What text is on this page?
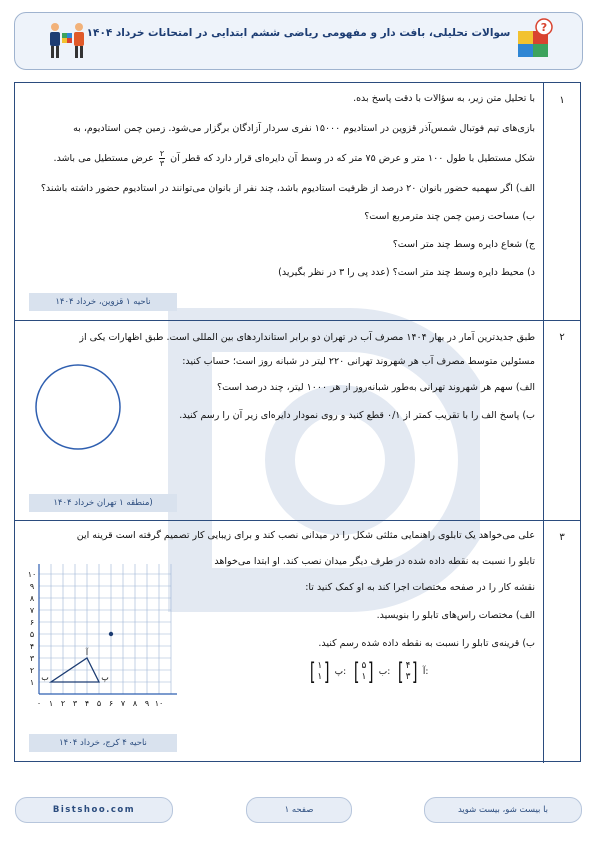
سوالات تحلیلی، بافت دار و مفهومی ریاضی ششم ابتدایی در امتحانات خرداد ۱۴۰۴	?
۱
با تحلیل متن زیر، به سؤالات با دقت پاسخ بده.
بازی‌های تیم فوتبال شمس‌آذر قزوین در استادیوم ۱۵۰۰۰ نفری سردار آزادگان برگزار می‌شود. زمین چمن استادیوم، به
شکل مستطیل با طول ۱۰۰ متر و عرض ۷۵ متر که در وسط آن دایره‌ای قرار دارد که قطر آن
$\frac{۲}{۳}$
عرض مستطیل می باشد.
الف) اگر سهمیه حضور بانوان ۲۰ درصد از ظرفیت استادیوم باشد، چند نفر از بانوان می‌توانند در استادیوم حضور داشته باشند؟
ب) مساحت زمین چمن چند مترمربع است؟
ج) شعاع دایره وسط چند متر است؟
د) محیط دایره وسط چند متر است؟ (عدد پی را ۳ در نظر بگیرید)
ناحیه ۱ قزوین، خرداد ۱۴۰۴
۲
طبق جدیدترین آمار در بهار ۱۴۰۴ مصرف آب در تهران دو برابر استانداردهای بین المللی است. طبق اظهارات یکی از
مسئولین متوسط مصرف آب هر شهروند تهرانی ۲۲۰ لیتر در شبانه روز است؛ حساب کنید:
الف) سهم هر شهروند تهرانی به‌طور شبانه‌روز از هر ۱۰۰۰ لیتر، چند درصد است؟
ب) پاسخ الف را با تقریب کمتر از ۰/۱ قطع کنید و روی نمودار دایره‌ای زیر آن را رسم کنید.
(منطقه ۱ تهران خرداد ۱۴۰۴
۳
علی می‌خواهد یک تابلوی راهنمایی مثلثی شکل را در میدانی نصب کند و برای زیبایی کار تصمیم گرفته است قرینه این
تابلو را نسبت به نقطه داده شده در طرف دیگر میدان نصب کند. او ابتدا می‌خواهد
نقشه کار را در صفحه مختصات اجرا کند به او کمک کنید تا:
الف) مختصات راس‌های تابلو را بنویسید.
ب) قرینه‌ی تابلو را نسبت به نقطه داده شده رسم کنید.
[ ۱
۱ ] پ: [ ۵
۱ ] ب: [ ۴
۳ ] آ:
۰ ۱ ۲ ۳ ۴ ۵ ۶ ۷ ۸ ۹ ۱۰
۱
۲
۳
۴
۵
۶
۷
۸
۹
۱۰
آ
ب	پ
ناحیه ۴ کرج، خرداد ۱۴۰۴
با بیست شو، بیست شوید
صفحه ۱
Bistshoo.com
